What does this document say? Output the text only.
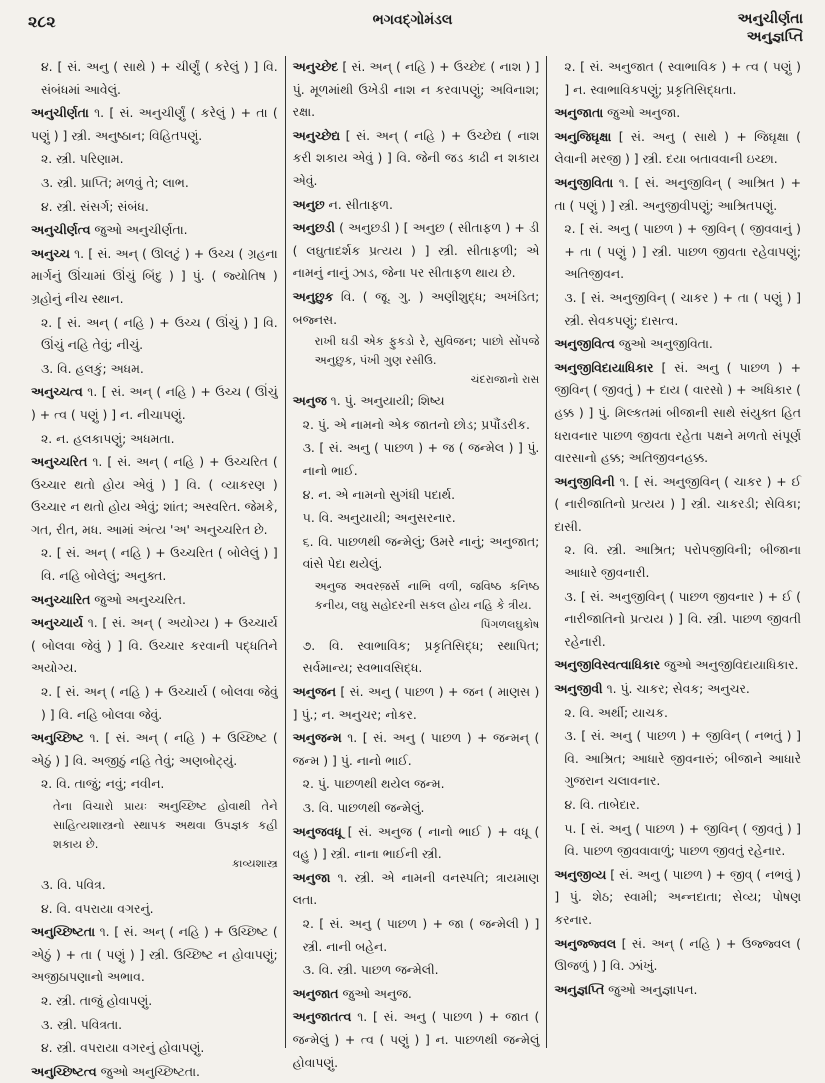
૨૮૨	ભગવદ્ગોમંડલ	અનુચીર્ણતા
અનુજ્ઞપ્તિ
૪. [ સં. અનુ ( સાથે ) + ચીર્ણું ( કરેલું ) ] વિ. સંબંધમાં આવેલું.
અનુચીર્ણતા ૧. [ સં. અનુચીર્ણું ( કરેલું ) + તા ( પણું ) ] સ્ત્રી. અનુષ્ઠાન; વિહિતપણું.
૨. સ્ત્રી. પરિણામ.
૩. સ્ત્રી. પ્રાપ્તિ; મળવું તે; લાભ.
૪. સ્ત્રી. સંસર્ગ; સંબંધ.
અનુચીર્ણત્વ જુઓ અનુચીર્ણતા.
અનુચ્ચ ૧. [ સં. અન્ ( ઊલટું ) + ઉચ્ચ ( ગ્રહના માર્ગનું ઊંચામાં ઊંચું બિંદુ ) ] પું. ( જ્યોતિષ ) ગ્રહોનું નીચ સ્થાન.
૨. [ સં. અન્ ( નહિ ) + ઉચ્ચ ( ઊંચું ) ] વિ. ઊંચું નહિ તેવું; નીચું.
૩. વિ. હલકું; અધમ.
અનુચ્ચત્વ ૧. [ સં. અન્ ( નહિ ) + ઉચ્ચ ( ઊંચું ) + ત્વ ( પણું ) ] ન. નીચાપણું.
૨. ન. હલકાપણું; અધમતા.
અનુચ્ચરિત ૧. [ સં. અન્ ( નહિ ) + ઉચ્ચરિત ( ઉચ્ચાર થતો હોય એવું ) ] વિ. ( વ્યાકરણ ) ઉચ્ચાર ન થતો હોય એવું; શાંત; અસ્વરિત. જેમકે, ગત, રીત, મધ. આમાં અંત્ય 'અ' અનુચ્ચરિત છે.
૨. [ સં. અન્ ( નહિ ) + ઉચ્ચરિત ( બોલેલું ) ] વિ. નહિ બોલેલું; અનુક્ત.
અનુચ્ચારિત જુઓ અનુચ્ચરિત.
અનુચ્ચાર્ય ૧. [ સં. અન્ ( અયોગ્ય ) + ઉચ્ચાર્ય ( બોલવા જેવું ) ] વિ. ઉચ્ચાર કરવાની પદ્ધતિને અયોગ્ય.
૨. [ સં. અન્ ( નહિ ) + ઉચ્ચાર્ય ( બોલવા જેવું ) ] વિ. નહિ બોલવા જેવું.
અનુચ્છિષ્ટ ૧. [ સં. અન્ ( નહિ ) + ઉચ્છિષ્ટ ( એઠું ) ] વિ. અજીઠું નહિ તેવું; અણબોટ્યું.
૨. વિ. તાજું; નવું; નવીન.
તેના વિચારો પ્રાયઃ અનુચ્છિષ્ટ હોવાથી તેને સાહિત્યશાસ્ત્રનો સ્થાપક અથવા ઉપજ્ઞક કહી શકાય છે.
કાવ્યશાસ્ત્ર
૩. વિ. પવિત્ર.
૪. વિ. વપરાયા વગરનું.
અનુચ્છિષ્ટતા ૧. [ સં. અન્ ( નહિ ) + ઉચ્છિષ્ટ ( એઠું ) + તા ( પણું ) ] સ્ત્રી. ઉચ્છિષ્ટ ન હોવાપણું; અજીઠાપણાનો અભાવ.
૨. સ્ત્રી. તાજું હોવાપણું.
૩. સ્ત્રી. પવિત્રતા.
૪. સ્ત્રી. વપરાયા વગરનું હોવાપણું.
અનુચ્છિષ્ટત્વ જુઓ અનુચ્છિષ્ટતા.
અનુચ્છેદ [ સં. અન્ ( નહિ ) + ઉચ્છેદ ( નાશ ) ] પું. મૂળમાંથી ઉખેડી નાશ ન કરવાપણું; અવિનાશ; રક્ષા.
અનુચ્છેદ્ય [ સં. અન્ ( નહિ ) + ઉચ્છેદ્ય ( નાશ કરી શકાય એવું ) ] વિ. જેની જડ કાઢી ન શકાય એવું.
અનુછ ન. સીતાફળ.
અનુછડી ( અનુછડી ) [ અનુછ ( સીતાફળ ) + ડી ( લઘુતાદર્શક પ્રત્યય ) ] સ્ત્રી. સીતાફળી; એ નામનું નાનું ઝાડ, જેના પર સીતાફળ થાય છે.
અનુછુક વિ. ( જૂ. ગુ. ) અણીશુદ્ધ; અખંડિત; બજ્નસ.
રાખી ઘડી એક ફુકડો રે, સુવિજન; પાછો સોંપજે અનુછુક, પંખી ગુણ રસીઉ.
ચંદરાજાનો રાસ
અનુજ ૧. પું. અનુયાયી; શિષ્ય
૨. પું. એ નામનો એક જાતનો છોડ; પ્રપૌંડરીક.
૩. [ સં. અનુ ( પાછળ ) + જ ( જન્મેલ ) ] પું. નાનો ભાઈ.
૪. ન. એ નામનો સુગંધી પદાર્થ.
૫. વિ. અનુયાયી; અનુસરનાર.
૬. વિ. પાછળથી જન્મેલું; ઉમરે નાનું; અનુજાત; વાંસે પેદા થયેલું.
અનુજ અવરજ઼ર્સ નાભિ વળી, જવિષ્ઠ કનિષ્ઠ કનીય, લઘુ સહોદરની સકલ હોય નહિ કે ત્રીય.
પિંગળલઘુકોષ
૭. વિ. સ્વાભાવિક; પ્રકૃતિસિદ્ધ; સ્થાપિત; સર્વમાન્ય; સ્વભાવસિદ્ધ.
અનુજન [ સં. અનુ ( પાછળ ) + જન ( માણસ ) ] પું.; ન. અનુચર; નોકર.
અનુજન્મ ૧. [ સં. અનુ ( પાછળ ) + જન્મન્ ( જન્મ ) ] પું. નાનો ભાઈ.
૨. પું. પાછળથી થયેલ જન્મ.
૩. વિ. પાછળથી જન્મેલું.
અનુજવધૂ [ સં. અનુજ ( નાનો ભાઈ ) + વધૂ ( વહુ ) ] સ્ત્રી. નાના ભાઈની સ્ત્રી.
અનુજા ૧. સ્ત્રી. એ નામની વનસ્પતિ; ત્રાયમાણ લતા.
૨. [ સં. અનુ ( પાછળ ) + જા ( જન્મેલી ) ] સ્ત્રી. નાની બહેન.
૩. વિ. સ્ત્રી. પાછળ જન્મેલી.
અનુજાત જુઓ અનુજ.
અનુજાતત્વ ૧. [ સં. અનુ ( પાછળ ) + જાત ( જન્મેલું ) + ત્વ ( પણું ) ] ન. પાછળથી જન્મેલું હોવાપણું.
૨. [ સં. અનુજાત ( સ્વાભાવિક ) + ત્વ ( પણું ) ] ન. સ્વાભાવિકપણું; પ્રકૃતિસિદ્ધતા.
અનુજાતા જુઓ અનુજા.
અનુજિઘૃક્ષા [ સં. અનુ ( સાથે ) + જિઘૃક્ષા ( લેવાની મરજી ) ] સ્ત્રી. દયા બતાવવાની ઇચ્છા.
અનુજીવિતા ૧. [ સં. અનુજીવિન્ ( આશ્રિત ) + તા ( પણું ) ] સ્ત્રી. અનુજીવીપણું; આશ્રિતપણું.
૨. [ સં. અનુ ( પાછળ ) + જીવિન્ ( જીવવાનું ) + તા ( પણું ) ] સ્ત્રી. પાછળ જીવતા રહેવાપણું; અતિજીવન.
૩. [ સં. અનુજીવિન્ ( ચાકર ) + તા ( પણું ) ] સ્ત્રી. સેવકપણું; દાસત્વ.
અનુજીવિત્વ જુઓ અનુજીવિતા.
અનુજીવિદાયાધિકાર [ સં. અનુ ( પાછળ ) + જીવિન્ ( જીવતું ) + દાય ( વારસો ) + અધિકાર ( હક્ક ) ] પું. મિલ્કતમાં બીજાની સાથે સંયુક્ત હિત ધરાવનાર પાછળ જીવતા રહેતા પક્ષને મળતો સંપૂર્ણ વારસાનો હક્ક; અતિજીવનહક્ક.
અનુજીવિની ૧. [ સં. અનુજીવિન્ ( ચાકર ) + ઈ ( નારીજાતિનો પ્રત્યય ) ] સ્ત્રી. ચાકરડી; સેવિકા; દાસી.
૨. વિ. સ્ત્રી. આશ્રિત; પરોપજીવિની; બીજાના આધારે જીવનારી.
૩. [ સં. અનુજીવિન્ ( પાછળ જીવનાર ) + ઈ ( નારીજાતિનો પ્રત્યય ) ] વિ. સ્ત્રી. પાછળ જીવતી રહેનારી.
અનુજીવિસ્વત્વાધિકાર જુઓ અનુજીવિદાયાધિકાર.
અનુજીવી ૧. પું. ચાકર; સેવક; અનુચર.
૨. વિ. અર્થી; યાચક.
૩. [ સં. અનુ ( પાછળ ) + જીવિન્ ( નભતું ) ] વિ. આશ્રિત; આધારે જીવનારું; બીજાને આધારે ગુજરાન ચલાવનાર.
૪. વિ. તાબેદાર.
૫. [ સં. અનુ ( પાછળ ) + જીવિન્ ( જીવતું ) ] વિ. પાછળ જીવવાવાળું; પાછળ જીવતું રહેનાર.
અનુજીવ્ય [ સં. અનુ ( પાછળ ) + જીવ્ ( નભવું ) ] પું. શેઠ; સ્વામી; અન્નદાતા; સેવ્ય; પોષણ કરનાર.
અનુજ્જ્વલ [ સં. અન્ ( નહિ ) + ઉજ્જ્વલ ( ઊજળું ) ] વિ. ઝાંખું.
અનુજ્ઞપ્તિ જુઓ અનુજ્ઞાપન.
